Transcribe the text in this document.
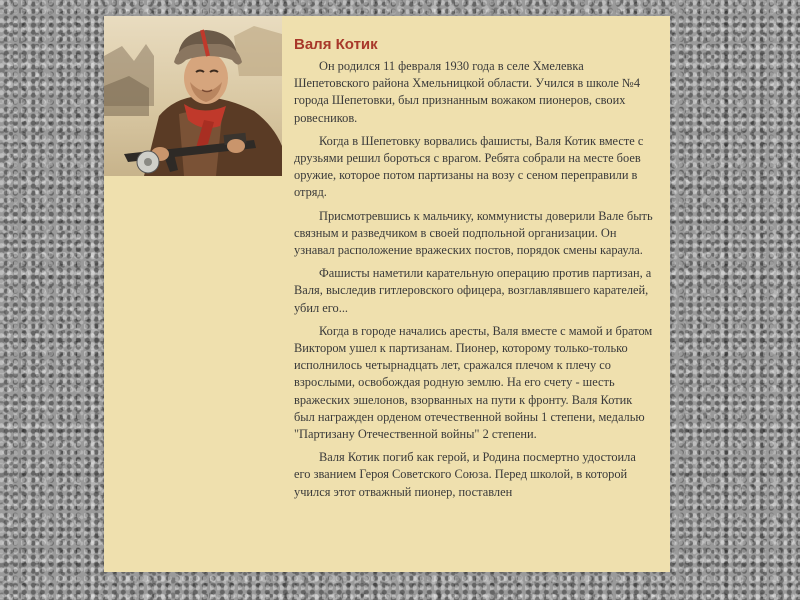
Валя Котик

Он родился 11 февраля 1930 года в селе Хмелевка Шепетовского района Хмельницкой области. Учился в школе №4 города Шепетовки, был признанным вожаком пионеров, своих ровесников.

Когда в Шепетовку ворвались фашисты, Валя Котик вместе с друзьями решил бороться с врагом. Ребята собрали на месте боев оружие, которое потом партизаны на возу с сеном переправили в отряд.

Присмотревшись к мальчику, коммунисты доверили Вале быть связным и разведчиком в своей подпольной организации. Он узнавал расположение вражеских постов, порядок смены караула.

Фашисты наметили карательную операцию против партизан, а Валя, выследив гитлеровского офицера, возглавлявшего карателей, убил его...

Когда в городе начались аресты, Валя вместе с мамой и братом Виктором ушел к партизанам. Пионер, которому только-только исполнилось четырнадцать лет, сражался плечом к плечу со взрослыми, освобождая родную землю. На его счету - шесть вражеских эшелонов, взорванных на пути к фронту. Валя Котик был награжден орденом отечественной войны 1 степени, медалью "Партизану Отечественной войны" 2 степени.

Валя Котик погиб как герой, и Родина посмертно удостоила его званием Героя Советского Союза. Перед школой, в которой учился этот отважный пионер, поставлен
